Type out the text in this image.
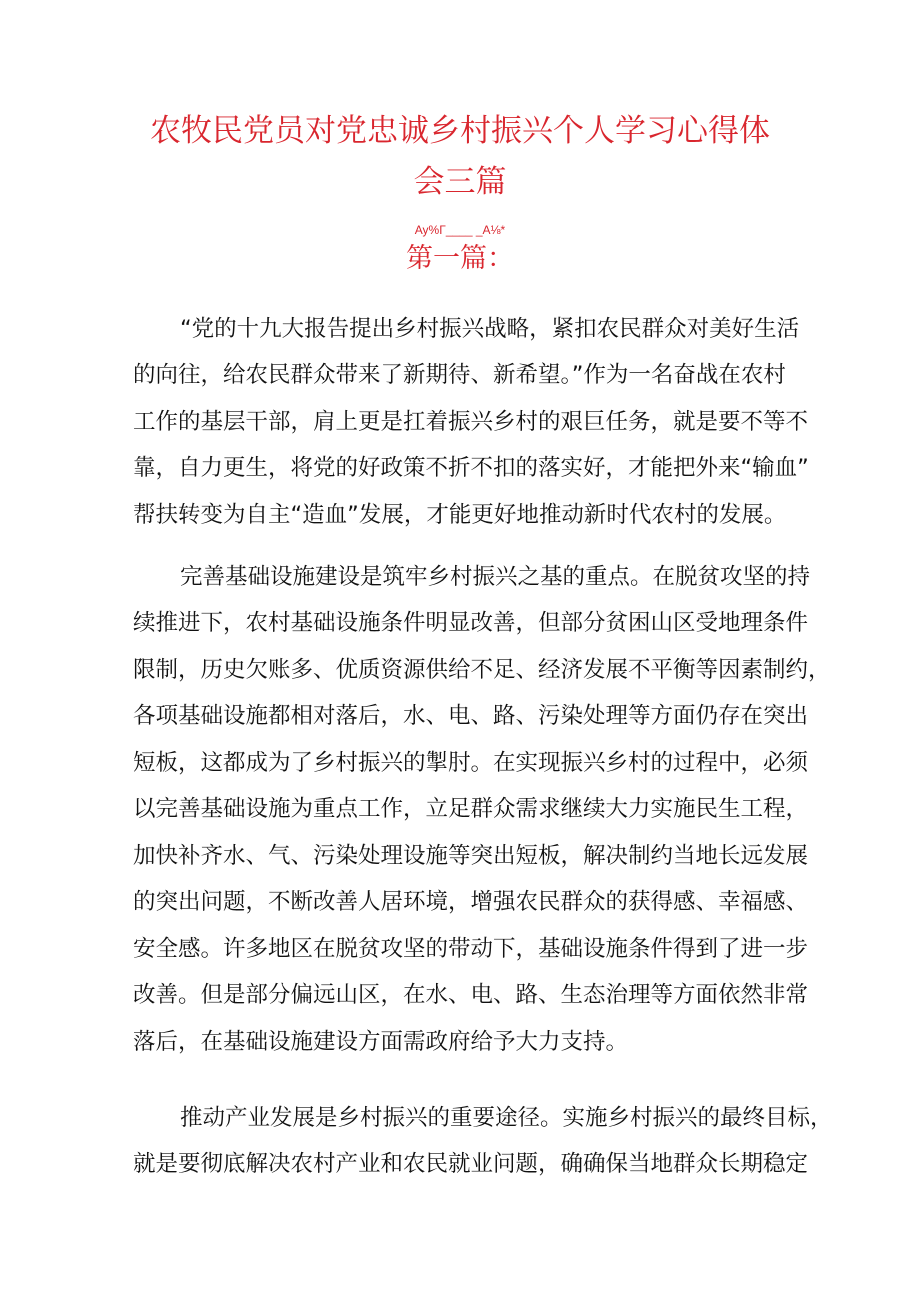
农牧民党员对党忠诚乡村振兴个人学习心得体
会三篇
Ay%Γ____ _A⅛*
第一篇：
“党的十九大报告提出乡村振兴战略，紧扣农民群众对美好生活
的向往，给农民群众带来了新期待、新希望。”作为一名奋战在农村
工作的基层干部，肩上更是扛着振兴乡村的艰巨任务，就是要不等不
靠，自力更生，将党的好政策不折不扣的落实好，才能把外来“输血”
帮扶转变为自主“造血”发展，才能更好地推动新时代农村的发展。
完善基础设施建设是筑牢乡村振兴之基的重点。在脱贫攻坚的持
续推进下，农村基础设施条件明显改善，但部分贫困山区受地理条件
限制，历史欠账多、优质资源供给不足、经济发展不平衡等因素制约，
各项基础设施都相对落后，水、电、路、污染处理等方面仍存在突出
短板，这都成为了乡村振兴的掣肘。在实现振兴乡村的过程中，必须
以完善基础设施为重点工作，立足群众需求继续大力实施民生工程，
加快补齐水、气、污染处理设施等突出短板，解决制约当地长远发展
的突出问题，不断改善人居环境，增强农民群众的获得感、幸福感、
安全感。许多地区在脱贫攻坚的带动下，基础设施条件得到了进一步
改善。但是部分偏远山区，在水、电、路、生态治理等方面依然非常
落后，在基础设施建设方面需政府给予大力支持。
推动产业发展是乡村振兴的重要途径。实施乡村振兴的最终目标，
就是要彻底解决农村产业和农民就业问题，确确保当地群众长期稳定
